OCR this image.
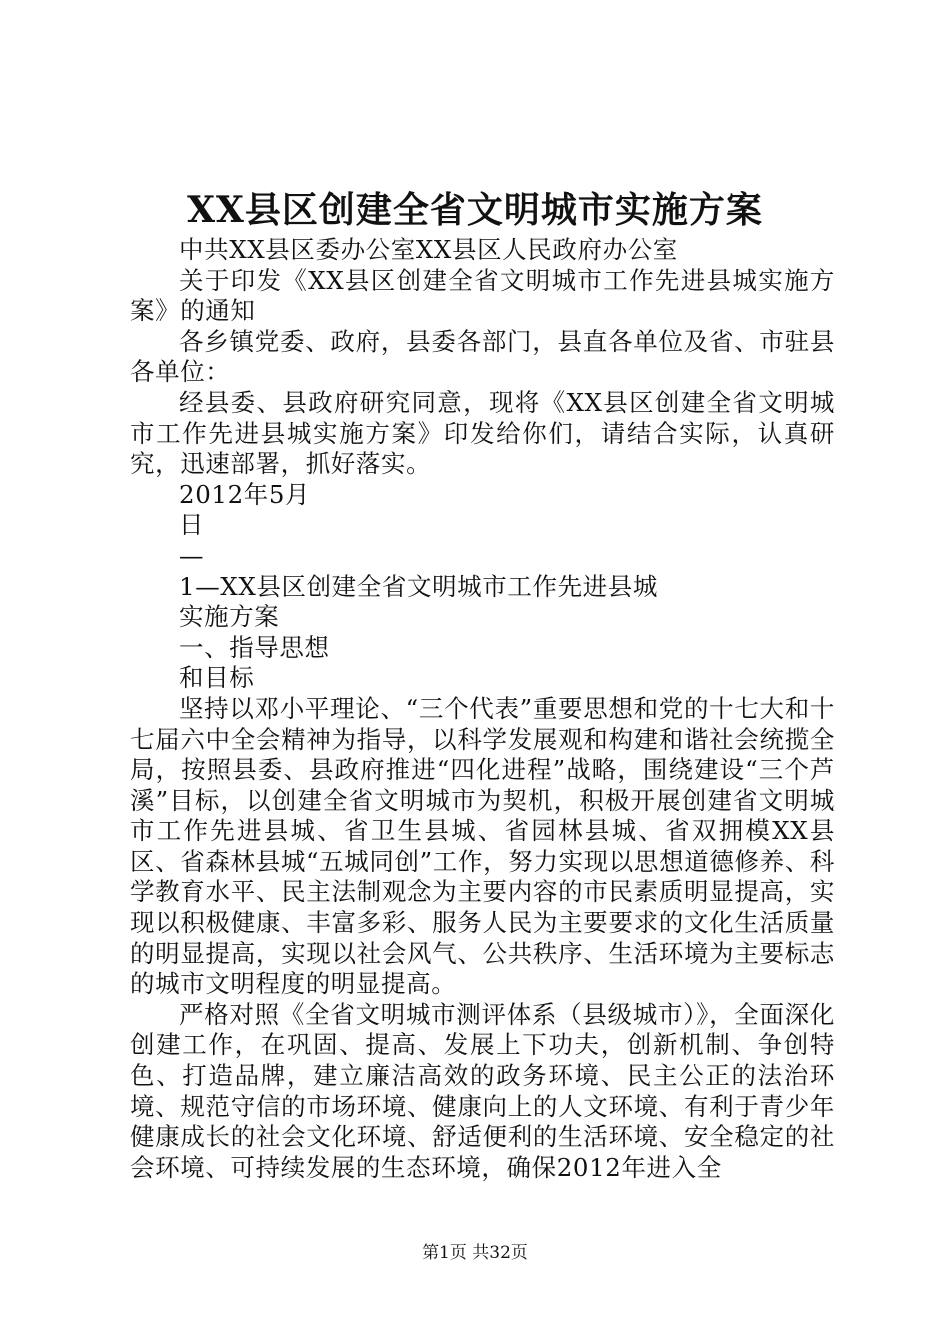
XX县区创建全省文明城市实施方案

中共XX县区委办公室XX县区人民政府办公室

关于印发《XX县区创建全省文明城市工作先进县城实施方案》的通知

各乡镇党委、政府，县委各部门，县直各单位及省、市驻县各单位：

经县委、县政府研究同意，现将《XX县区创建全省文明城市工作先进县城实施方案》印发给你们，请结合实际，认真研究，迅速部署，抓好落实。

2012年5月

日

—

1—XX县区创建全省文明城市工作先进县城

实施方案

一、指导思想

和目标

坚持以邓小平理论、“三个代表”重要思想和党的十七大和十七届六中全会精神为指导，以科学发展观和构建和谐社会统揽全局，按照县委、县政府推进“四化进程”战略，围绕建设“三个芦溪”目标，以创建全省文明城市为契机，积极开展创建省文明城市工作先进县城、省卫生县城、省园林县城、省双拥模XX县区、省森林县城“五城同创”工作，努力实现以思想道德修养、科学教育水平、民主法制观念为主要内容的市民素质明显提高，实现以积极健康、丰富多彩、服务人民为主要要求的文化生活质量的明显提高，实现以社会风气、公共秩序、生活环境为主要标志的城市文明程度的明显提高。

严格对照《全省文明城市测评体系（县级城市）》，全面深化创建工作，在巩固、提高、发展上下功夫，创新机制、争创特色、打造品牌，建立廉洁高效的政务环境、民主公正的法治环境、规范守信的市场环境、健康向上的人文环境、有利于青少年健康成长的社会文化环境、舒适便利的生活环境、安全稳定的社会环境、可持续发展的生态环境，确保2012年进入全

第1页 共32页
